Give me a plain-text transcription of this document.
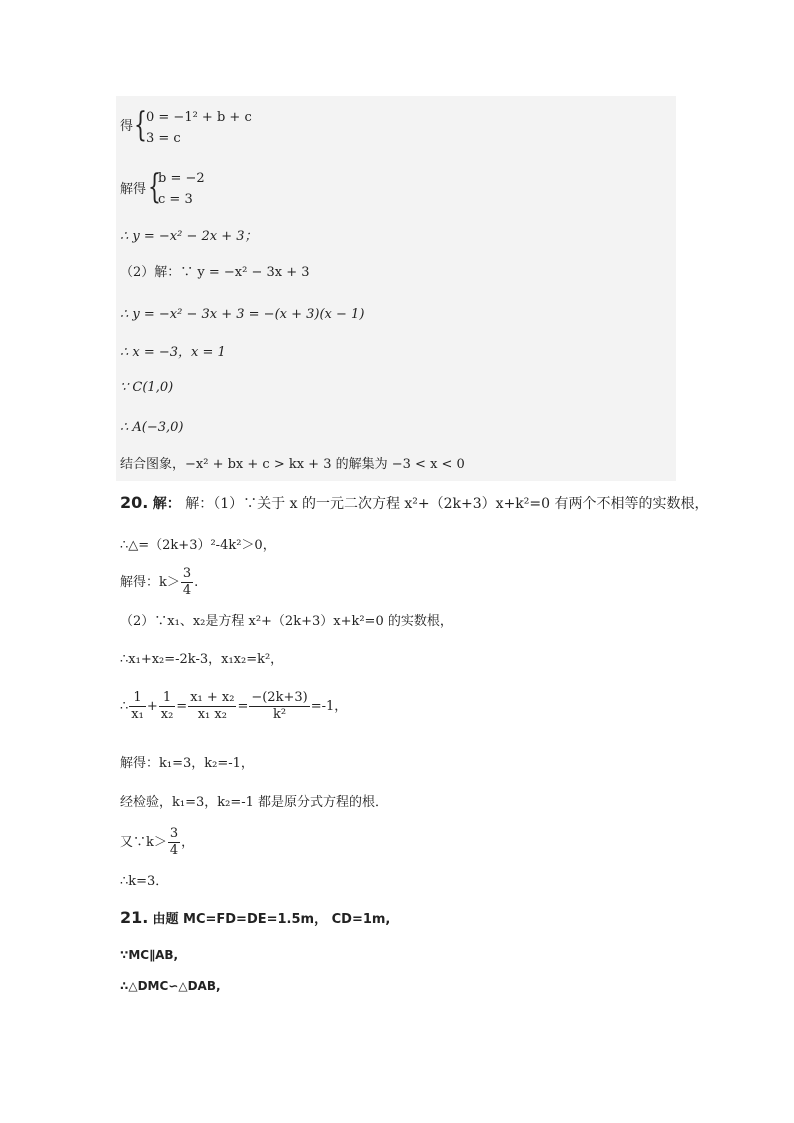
得 { 0 = −1² + b + c
3 = c
解得 {
b = −2
c = 3
∴ y = −x² − 2x + 3；
（2）解：∵ y = −x² − 3x + 3
∴ y = −x² − 3x + 3 = −(x + 3)(x − 1)
∴ x = −3，x = 1
∵ C(1,0)
∴ A(−3,0)
结合图象，−x² + bx + c > kx + 3 的解集为 −3 < x < 0
20. 解： 解：（1）∵关于 x 的一元二次方程 x²+（2k+3）x+k²=0 有两个不相等的实数根，
∴△=（2k+3）²-4k²＞0，
解得：$k> \frac{3}{4}$ .
（2）∵x₁、x₂是方程 x²+（2k+3）x+k²=0 的实数根，
∴x₁+x₂=-2k-3，x₁x₂=k²，
∴ $\frac{1}{\text{x₁}} + \frac{1}{\text{x₂}} = \frac{\text{x₁ + x₂}}{\text{x₁ x₂}} = \frac{-(2k+3)}{\text{k²}} =-1$，
解得：k₁=3，k₂=-1，
经检验，k₁=3，k₂=-1 都是原分式方程的根．
又∵k＞ $\frac{3}{4}$ ，
∴k=3．
21. 由题 MC=FD=DE=1.5m， CD=1m,
∵MC∥AB,
∴△DMC∽△DAB,
